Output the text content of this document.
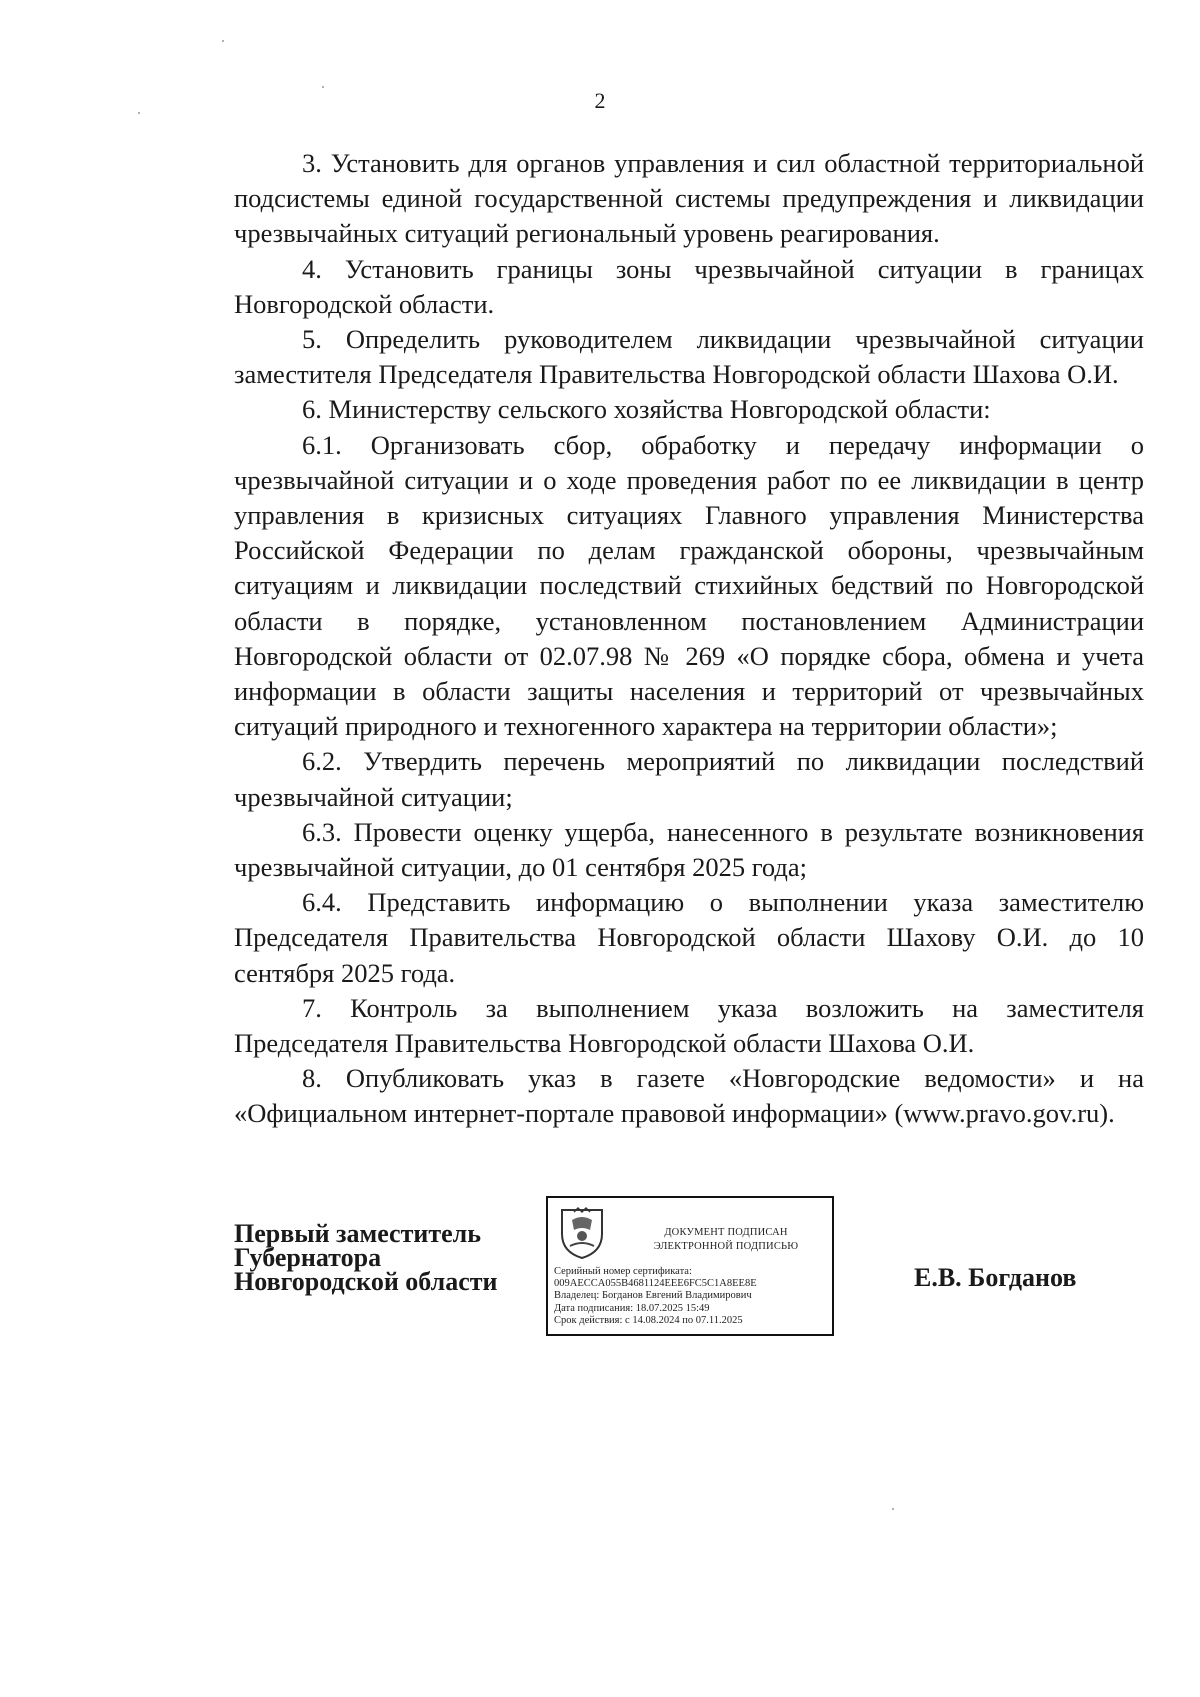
2

3. Установить для органов управления и сил областной территориальной подсистемы единой государственной системы предупреждения и ликвидации чрезвычайных ситуаций региональный уровень реагирования.

4. Установить границы зоны чрезвычайной ситуации в границах Новгородской области.

5. Определить руководителем ликвидации чрезвычайной ситуации заместителя Председателя Правительства Новгородской области Шахова О.И.

6. Министерству сельского хозяйства Новгородской области:

6.1. Организовать сбор, обработку и передачу информации о чрезвычайной ситуации и о ходе проведения работ по ее ликвидации в центр управления в кризисных ситуациях Главного управления Министерства Российской Федерации по делам гражданской обороны, чрезвычайным ситуациям и ликвидации последствий стихийных бедствий по Новгородской области в порядке, установленном постановлением Администрации Новгородской области от 02.07.98 № 269 «О порядке сбора, обмена и учета информации в области защиты населения и территорий от чрезвычайных ситуаций природного и техногенного характера на территории области»;

6.2. Утвердить перечень мероприятий по ликвидации последствий чрезвычайной ситуации;

6.3. Провести оценку ущерба, нанесенного в результате возникновения чрезвычайной ситуации, до 01 сентября 2025 года;

6.4. Представить информацию о выполнении указа заместителю Председателя Правительства Новгородской области Шахову О.И. до 10 сентября 2025 года.

7. Контроль за выполнением указа возложить на заместителя Председателя Правительства Новгородской области Шахова О.И.

8. Опубликовать указ в газете «Новгородские ведомости» и на «Официальном интернет-портале правовой информации» (www.pravo.gov.ru).

Первый заместитель
Губернатора
Новгородской области
ДОКУМЕНТ ПОДПИСАН
ЭЛЕКТРОННОЙ ПОДПИСЬЮ
Серийный номер сертификата:
009AECCA055B4681124EEE6FC5C1A8EE8E
Владелец: Богданов Евгений Владимирович
Дата подписания: 18.07.2025 15:49
Срок действия: с 14.08.2024 по 07.11.2025
Е.В. Богданов
